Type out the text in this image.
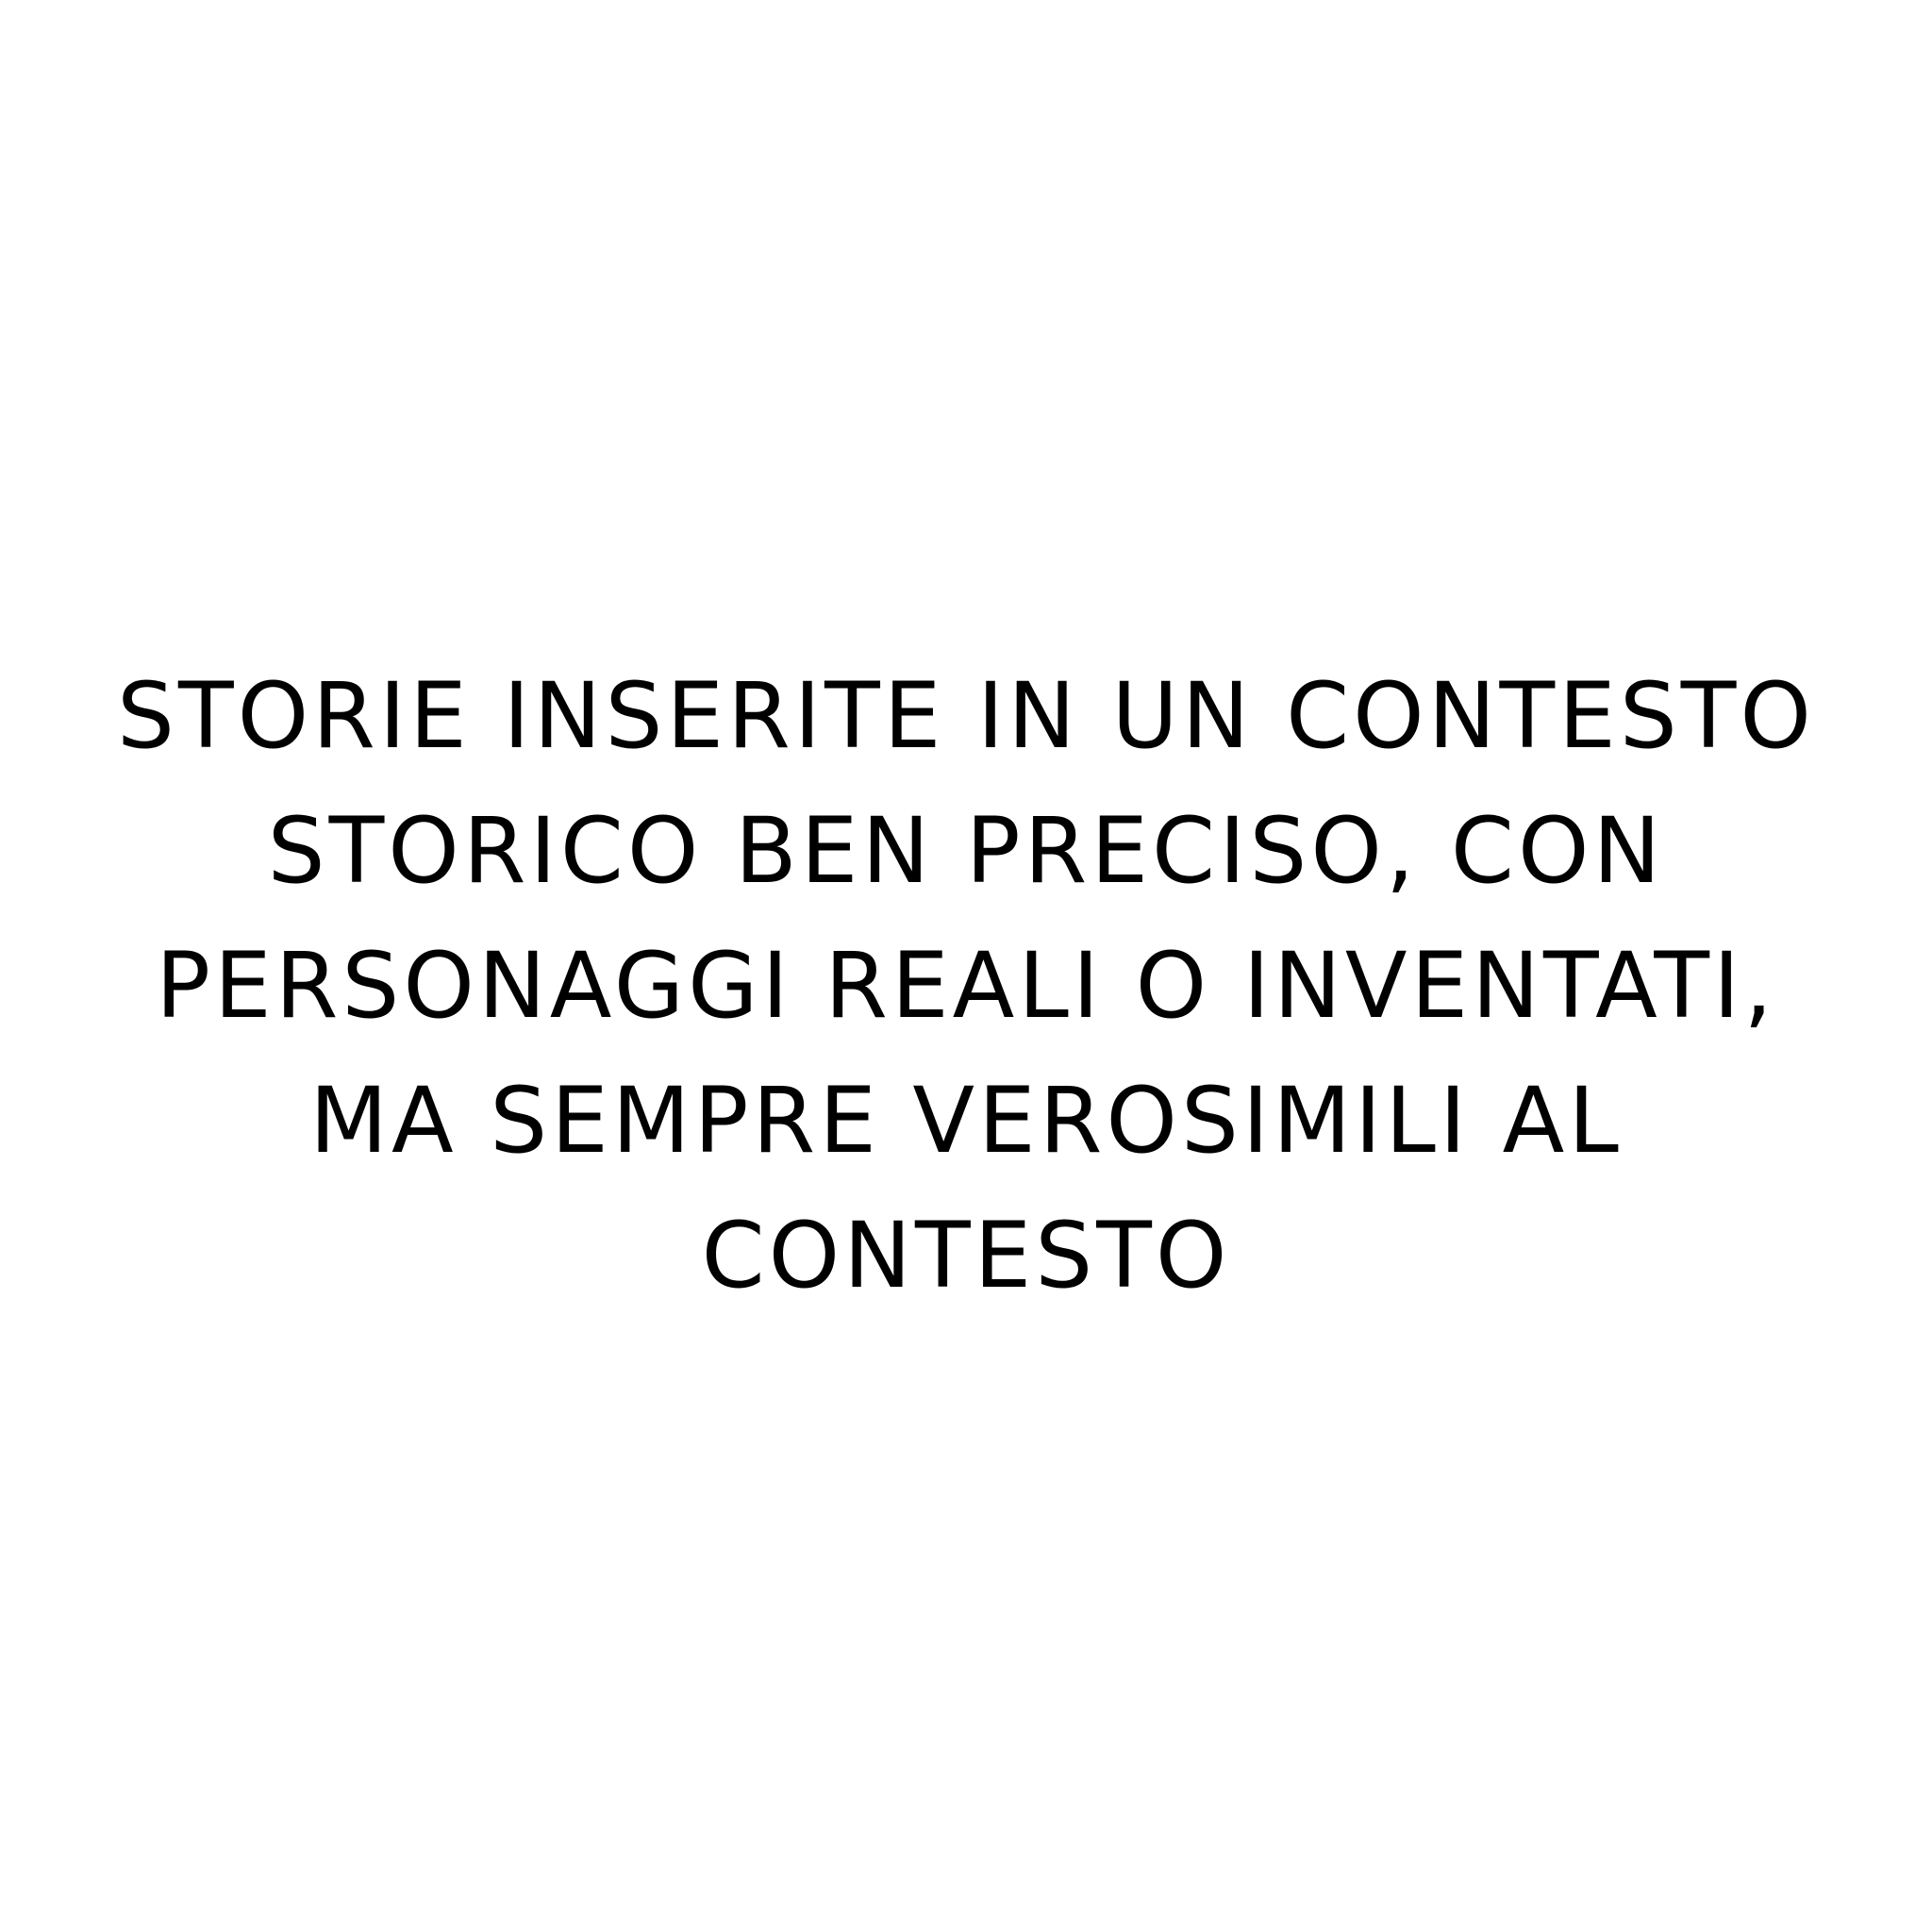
STORIE INSERITE IN UN CONTESTO
STORICO BEN PRECISO, CON
PERSONAGGI REALI O INVENTATI,
MA SEMPRE VEROSIMILI AL
CONTESTO
